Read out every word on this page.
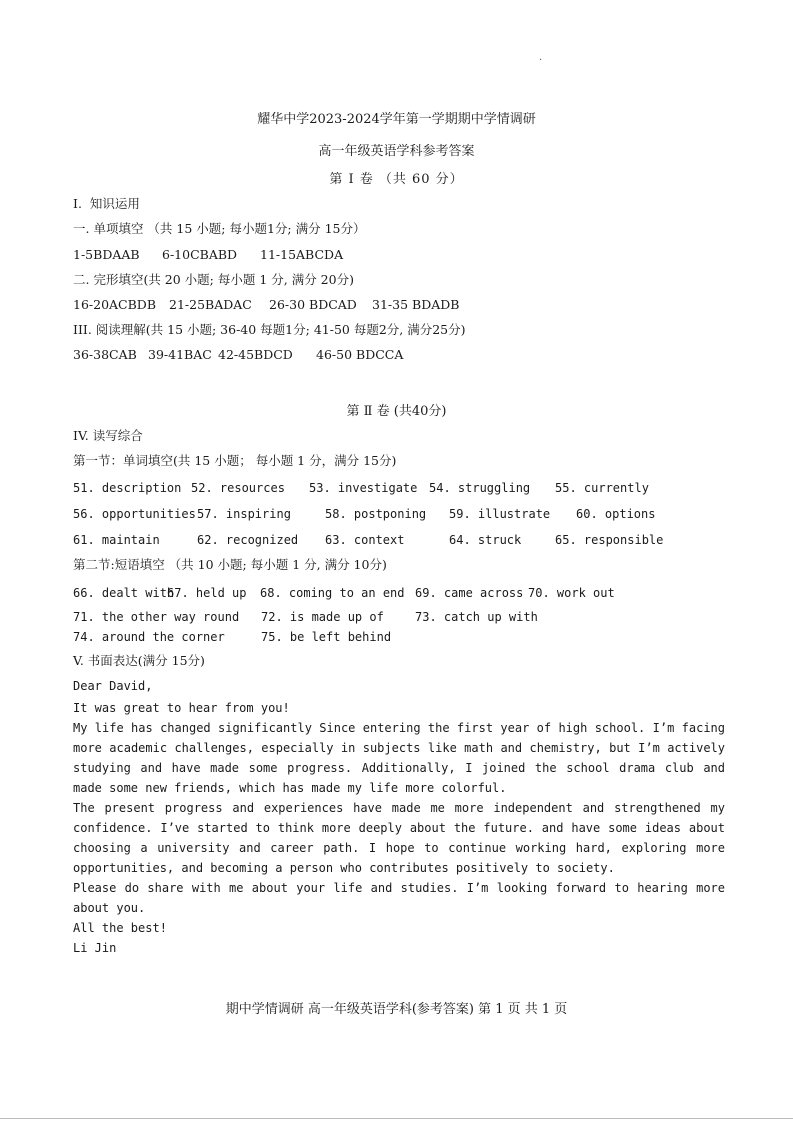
.
耀华中学2023-2024学年第一学期期中学情调研
高一年级英语学科参考答案
第 Ⅰ 卷 （共 60 分）
I.  知识运用
一. 单项填空 （共 15 小题; 每小题1分; 满分 15分）
1-5BDAAB 6-10CBABD 11-15ABCDA
二. 完形填空(共 20 小题; 每小题 1 分, 满分 20分)
16-20ACBDB 21-25BADAC 26-30 BDCAD 31-35 BDADB
III. 阅读理解(共 15 小题; 36-40 每题1分; 41-50 每题2分, 满分25分)
36-38CAB 39-41BAC 42-45BDCD 46-50 BDCCA
第 Ⅱ 卷 (共40分)
IV. 读写综合
第一节：单词填空(共 15 小题； 每小题 1 分，满分 15分)
51. description 52. resources 53. investigate 54. struggling 55. currently
56. opportunities 57. inspiring	58. postponing 59. illustrate 60. options
61. maintain	62. recognized 63. context	64. struck	65. responsible
第二节:短语填空 （共 10 小题; 每小题 1 分, 满分 10分)
66. dealt with
67. held up 68. coming to an end 69. came across 70. work out
71. the other way round 72. is made up of	73. catch up with
74. around the corner	75. be left behind
V. 书面表达(满分 15分)

Dear David,

It was great to hear from you!

My life has changed significantly Since entering the first year of high school. I’m facing more academic challenges, especially in subjects like math and chemistry, but I’m actively studying and have made some progress. Additionally, I joined the school drama club and made some new friends, which has made my life more colorful.

The present progress and experiences have made me more independent and strengthened my confidence. I’ve started to think more deeply about the future. and have some ideas about choosing a university and career path. I hope to continue working hard, exploring more opportunities, and becoming a person who contributes positively to society.

Please do share with me about your life and studies. I’m looking forward to hearing more about you.

All the best!

Li Jin

期中学情调研 高一年级英语学科(参考答案) 第 1 页 共 1 页
